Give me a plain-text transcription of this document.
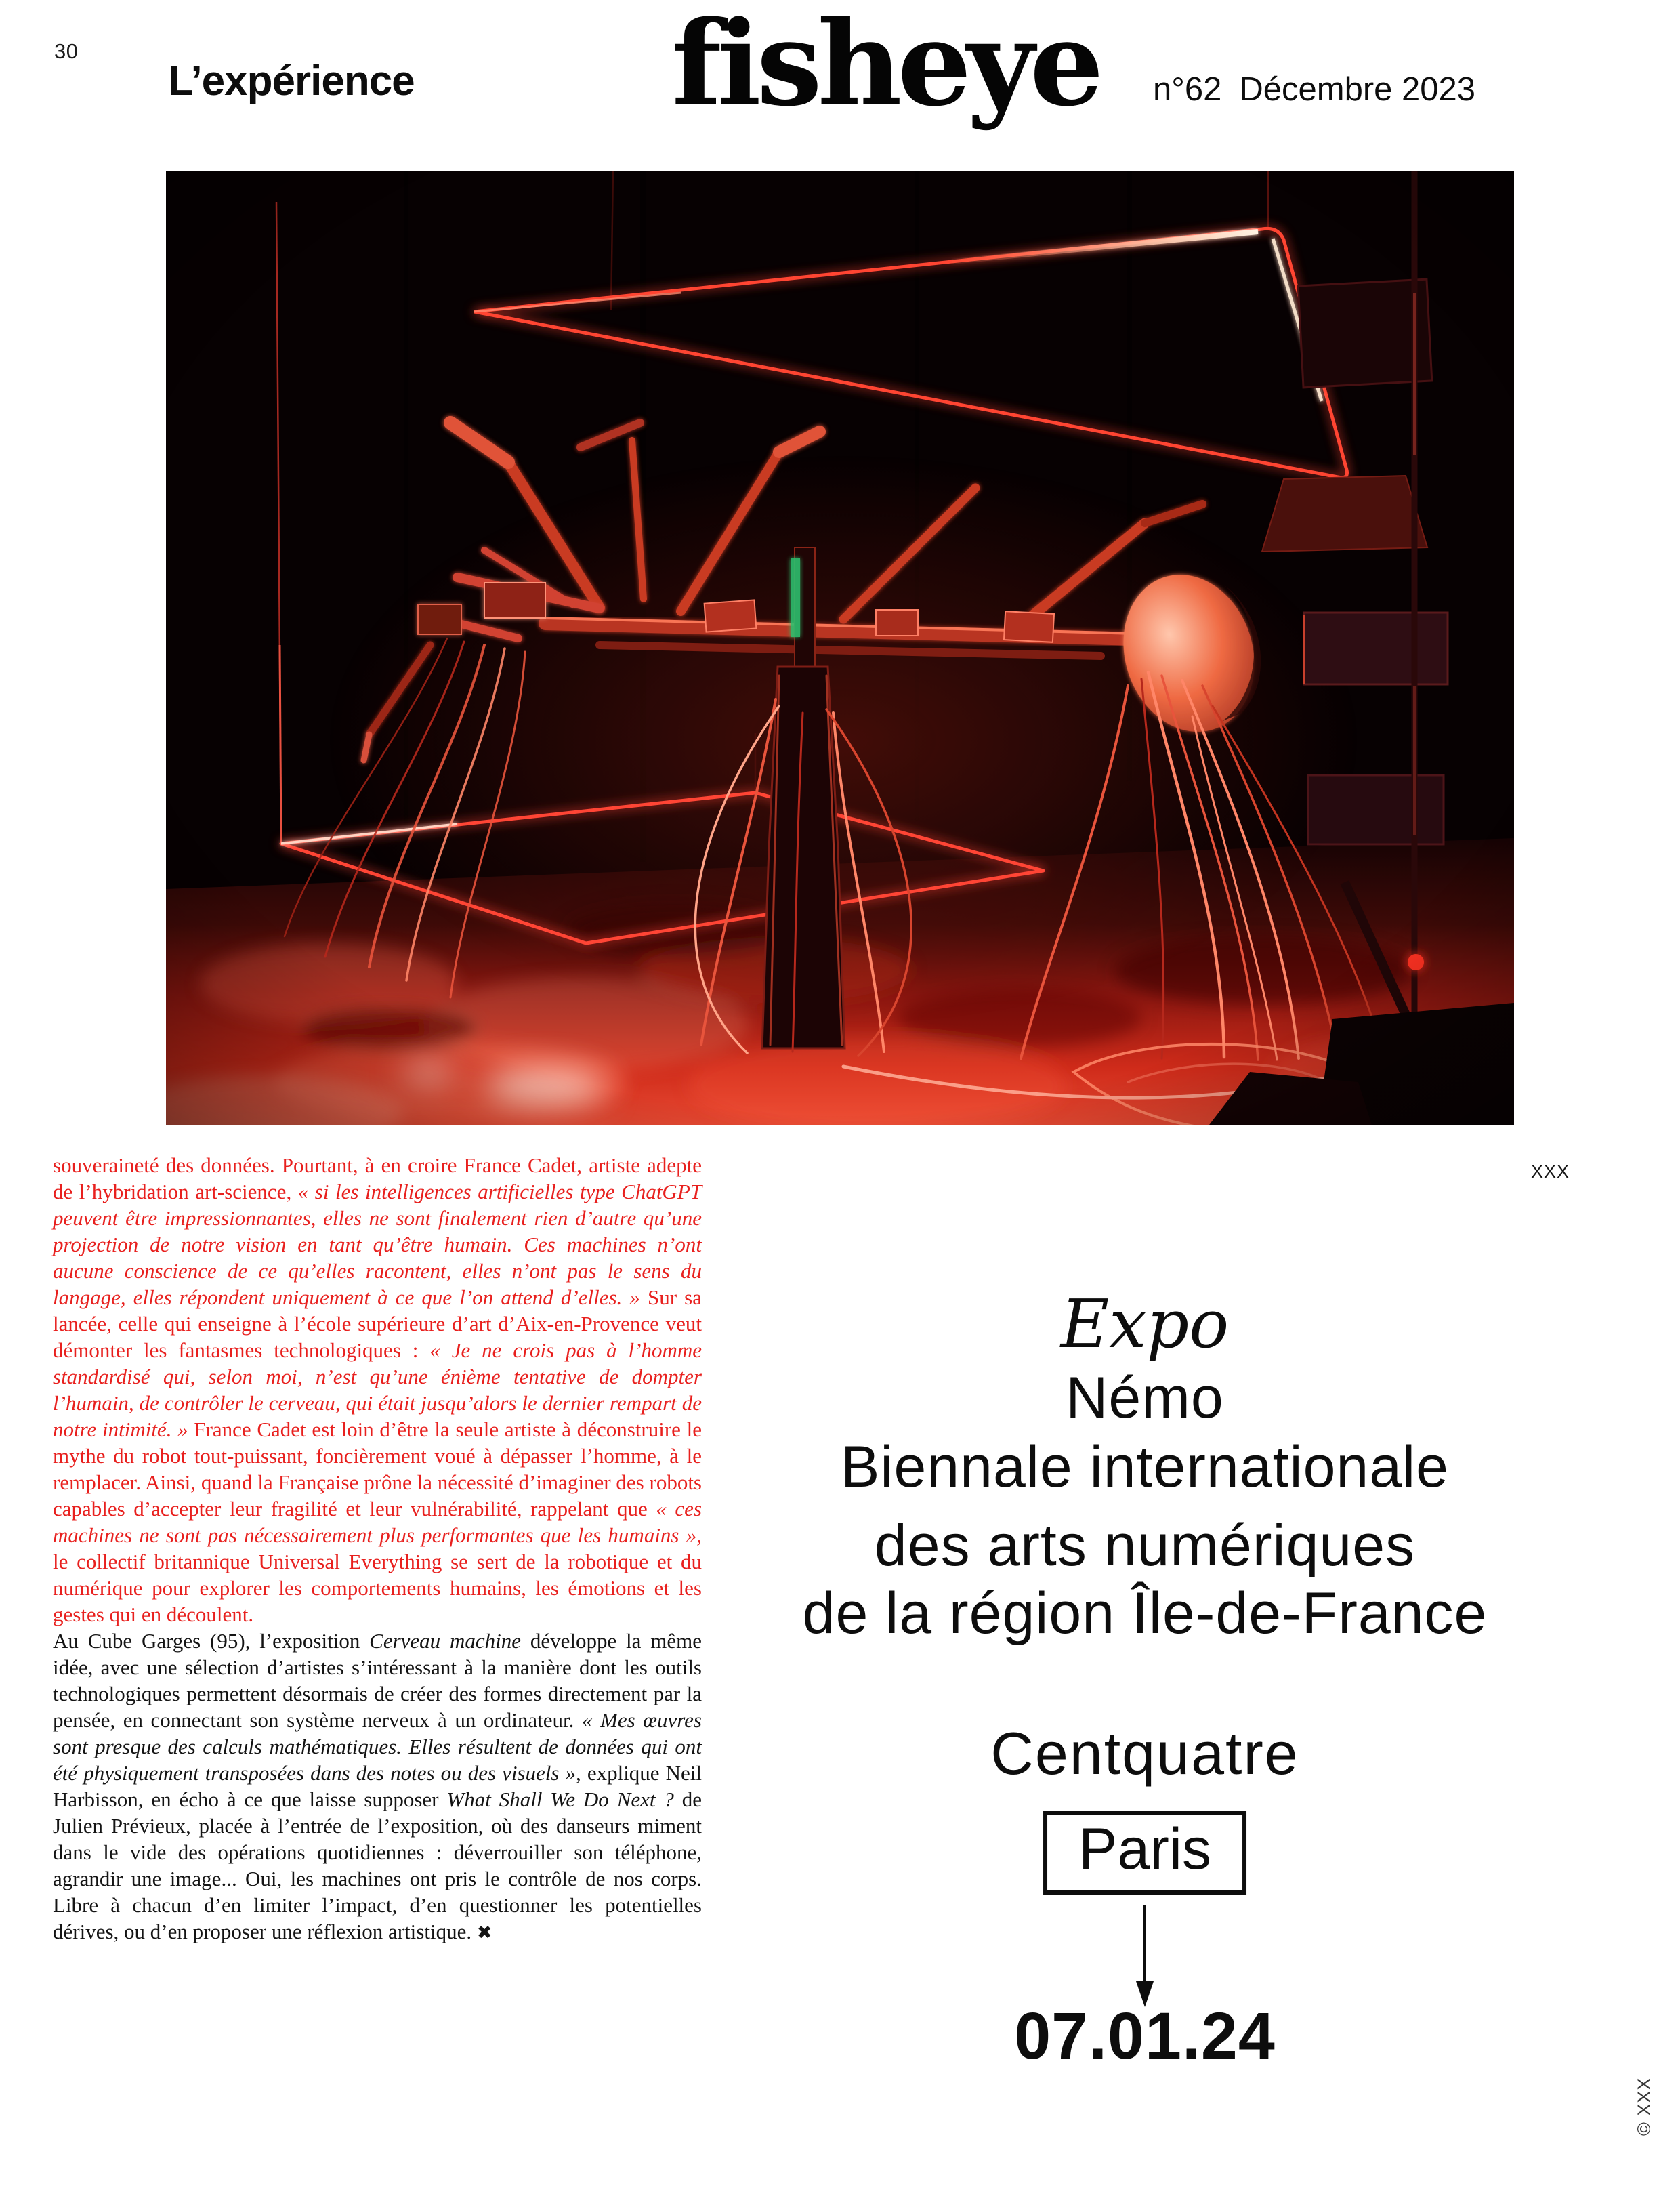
30
L’expérience fisheye n°62 Décembre 2023
XXX

souveraineté des données. Pourtant, à en croire France Cadet, artiste adepte de l’hybridation art-science, « si les intelligences artificielles type ChatGPT peuvent être impressionnantes, elles ne sont finalement rien d’autre qu’une projection de notre vision en tant qu’être humain. Ces machines n’ont aucune conscience de ce qu’elles racontent, elles n’ont pas le sens du langage, elles répondent uniquement à ce que l’on attend d’elles. » Sur sa lancée, celle qui enseigne à l’école supérieure d’art d’Aix-en-Provence veut démonter les fantasmes technologiques : « Je ne crois pas à l’homme standardisé qui, selon moi, n’est qu’une énième tentative de dompter l’humain, de contrôler le cerveau, qui était jusqu’alors le dernier rempart de notre intimité. » France Cadet est loin d’être la seule artiste à déconstruire le mythe du robot tout-puissant, foncièrement voué à dépasser l’homme, à le remplacer. Ainsi, quand la Française prône la nécessité d’imaginer des robots capables d’accepter leur fragilité et leur vulnérabilité, rappelant que « ces machines ne sont pas nécessairement plus performantes que les humains », le collectif britannique Universal Everything se sert de la robotique et du numérique pour explorer les comportements humains, les émotions et les gestes qui en découlent.

Au Cube Garges (95), l’exposition Cerveau machine développe la même idée, avec une sélection d’artistes s’intéressant à la manière dont les outils technologiques permettent désormais de créer des formes directement par la pensée, en connectant son système nerveux à un ordinateur. « Mes œuvres sont presque des calculs mathématiques. Elles résultent de données qui ont été physiquement transposées dans des notes ou des visuels », explique Neil Harbisson, en écho à ce que laisse supposer What Shall We Do Next ? de Julien Prévieux, placée à l’entrée de l’exposition, où des danseurs miment dans le vide des opérations quotidiennes : déverrouiller son téléphone, agrandir une image... Oui, les machines ont pris le contrôle de nos corps. Libre à chacun d’en limiter l’impact, d’en questionner les potentielles dérives, ou d’en proposer une réflexion artistique. ✖

Expo
Némo
Biennale internationale
des arts numériques
de la région Île-de-France
Centquatre
Paris
07.01.24
© XXX
